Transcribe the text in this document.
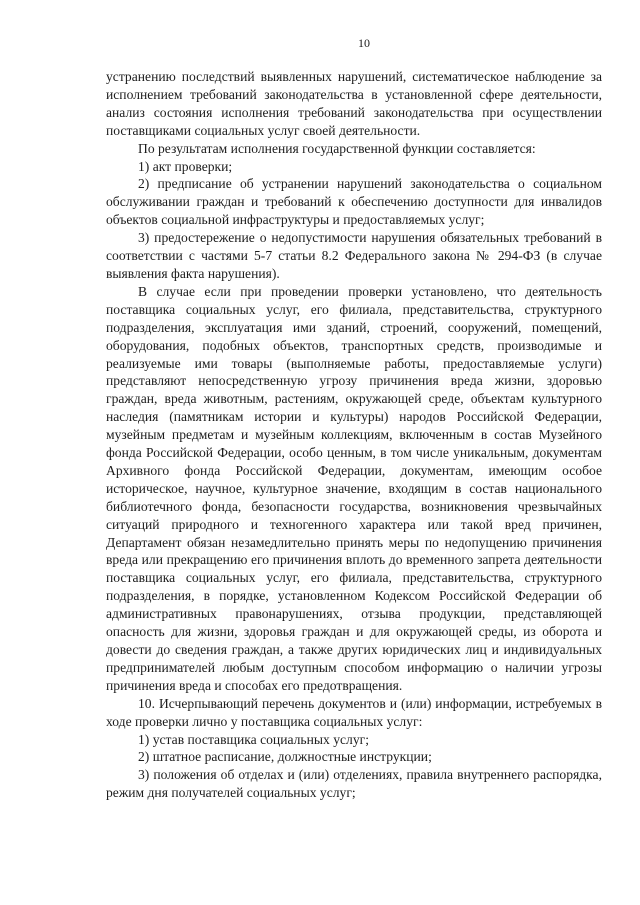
10

устранению последствий выявленных нарушений, систематическое наблюдение за исполнением требований законодательства в установленной сфере деятельности, анализ состояния исполнения требований законодательства при осуществлении поставщиками социальных услуг своей деятельности.

По результатам исполнения государственной функции составляется:

1) акт проверки;

2) предписание об устранении нарушений законодательства о социальном обслуживании граждан и требований к обеспечению доступности для инвалидов объектов социальной инфраструктуры и предоставляемых услуг;

3) предостережение о недопустимости нарушения обязательных требований в соответствии с частями 5-7 статьи 8.2 Федерального закона № 294-ФЗ (в случае выявления факта нарушения).

В случае если при проведении проверки установлено, что деятельность поставщика социальных услуг, его филиала, представительства, структурного подразделения, эксплуатация ими зданий, строений, сооружений, помещений, оборудования, подобных объектов, транспортных средств, производимые и реализуемые ими товары (выполняемые работы, предоставляемые услуги) представляют непосредственную угрозу причинения вреда жизни, здоровью граждан, вреда животным, растениям, окружающей среде, объектам культурного наследия (памятникам истории и культуры) народов Российской Федерации, музейным предметам и музейным коллекциям, включенным в состав Музейного фонда Российской Федерации, особо ценным, в том числе уникальным, документам Архивного фонда Российской Федерации, документам, имеющим особое историческое, научное, культурное значение, входящим в состав национального библиотечного фонда, безопасности государства, возникновения чрезвычайных ситуаций природного и техногенного характера или такой вред причинен, Департамент обязан незамедлительно принять меры по недопущению причинения вреда или прекращению его причинения вплоть до временного запрета деятельности поставщика социальных услуг, его филиала, представительства, структурного подразделения, в порядке, установленном Кодексом Российской Федерации об административных правонарушениях, отзыва продукции, представляющей опасность для жизни, здоровья граждан и для окружающей среды, из оборота и довести до сведения граждан, а также других юридических лиц и индивидуальных предпринимателей любым доступным способом информацию о наличии угрозы причинения вреда и способах его предотвращения.

10. Исчерпывающий перечень документов и (или) информации, истребуемых в ходе проверки лично у поставщика социальных услуг:

1) устав поставщика социальных услуг;

2) штатное расписание, должностные инструкции;

3) положения об отделах и (или) отделениях, правила внутреннего распорядка, режим дня получателей социальных услуг;
